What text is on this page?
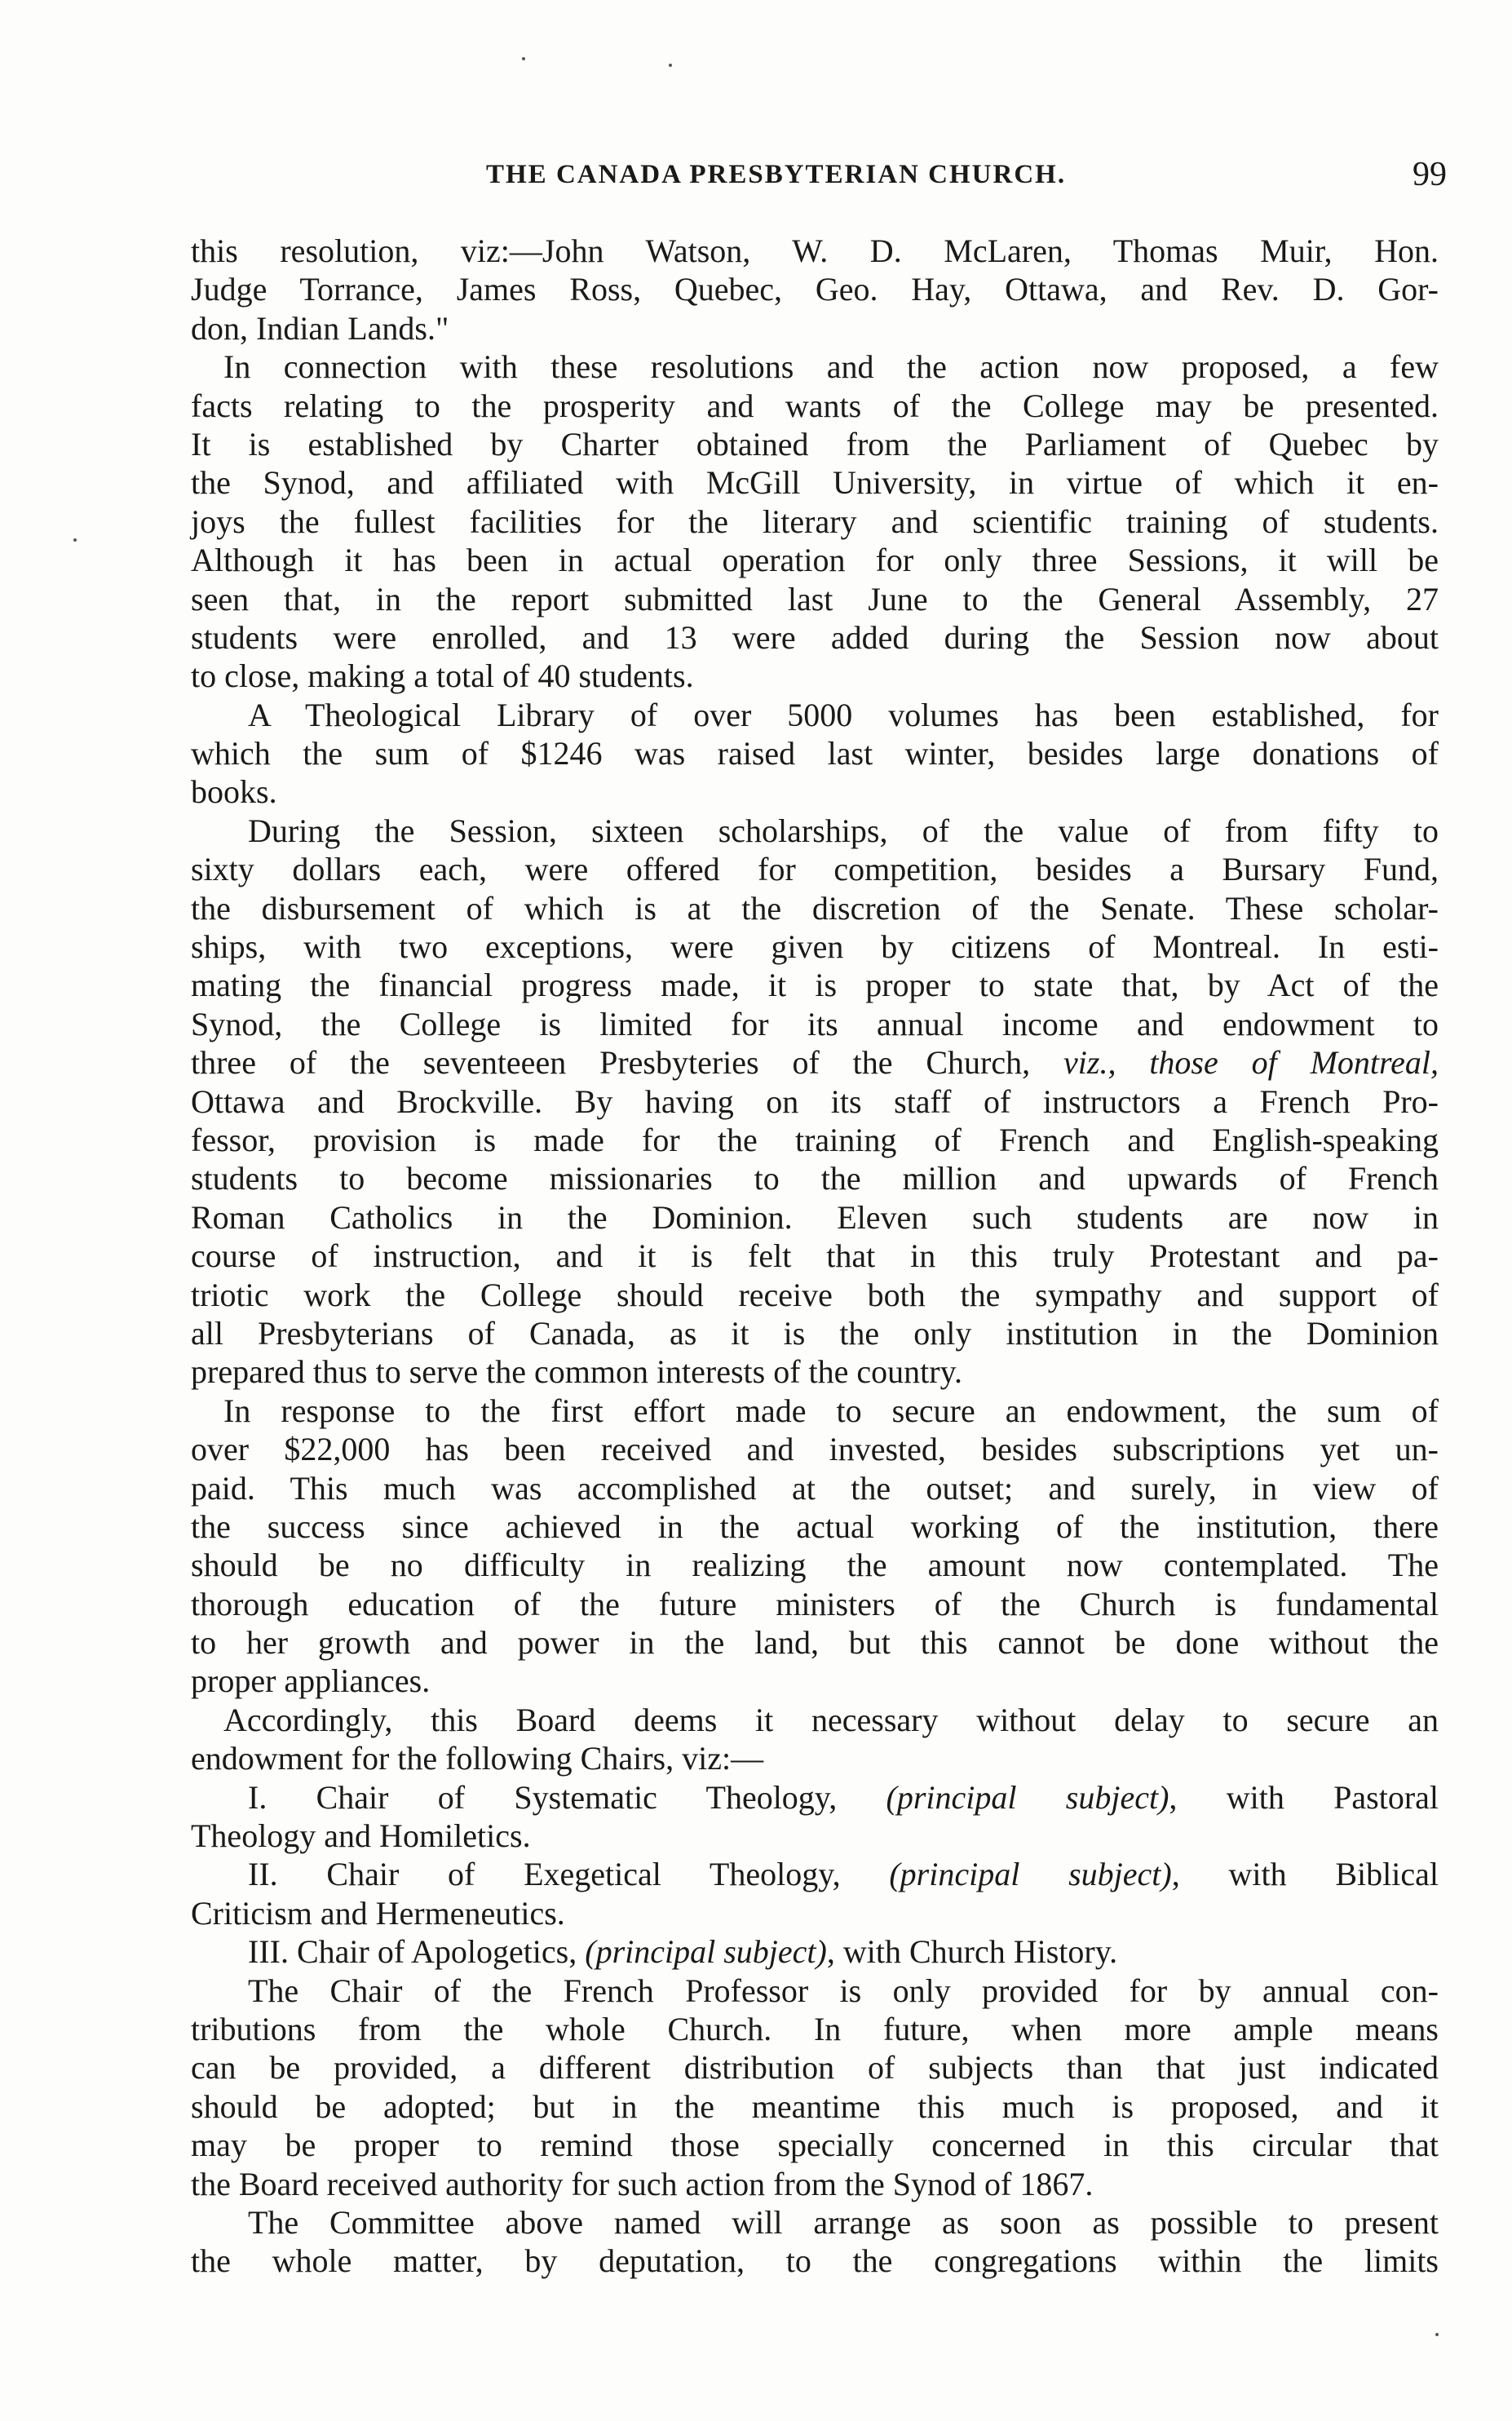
THE CANADA PRESBYTERIAN CHURCH.	99
this resolution, viz:—John Watson, W. D. McLaren, Thomas Muir, Hon.
Judge Torrance, James Ross, Quebec, Geo. Hay, Ottawa, and Rev. D. Gor-
don, Indian Lands."
In connection with these resolutions and the action now proposed, a few
facts relating to the prosperity and wants of the College may be presented.
It is established by Charter obtained from the Parliament of Quebec by
the Synod, and affiliated with McGill University, in virtue of which it en-
joys the fullest facilities for the literary and scientific training of students.
Although it has been in actual operation for only three Sessions, it will be
seen that, in the report submitted last June to the General Assembly, 27
students were enrolled, and 13 were added during the Session now about
to close, making a total of 40 students.
A Theological Library of over 5000 volumes has been established, for
which the sum of $1246 was raised last winter, besides large donations of
books.
During the Session, sixteen scholarships, of the value of from fifty to
sixty dollars each, were offered for competition, besides a Bursary Fund,
the disbursement of which is at the discretion of the Senate. These scholar-
ships, with two exceptions, were given by citizens of Montreal. In esti-
mating the financial progress made, it is proper to state that, by Act of the
Synod, the College is limited for its annual income and endowment to
three of the seventeeen Presbyteries of the Church, viz., those of Montreal,
Ottawa and Brockville. By having on its staff of instructors a French Pro-
fessor, provision is made for the training of French and English-speaking
students to become missionaries to the million and upwards of French
Roman Catholics in the Dominion. Eleven such students are now in
course of instruction, and it is felt that in this truly Protestant and pa-
triotic work the College should receive both the sympathy and support of
all Presbyterians of Canada, as it is the only institution in the Dominion
prepared thus to serve the common interests of the country.
In response to the first effort made to secure an endowment, the sum of
over $22,000 has been received and invested, besides subscriptions yet un-
paid. This much was accomplished at the outset; and surely, in view of
the success since achieved in the actual working of the institution, there
should be no difficulty in realizing the amount now contemplated. The
thorough education of the future ministers of the Church is fundamental
to her growth and power in the land, but this cannot be done without the
proper appliances.
Accordingly, this Board deems it necessary without delay to secure an
endowment for the following Chairs, viz:—
I. Chair of Systematic Theology, (principal subject), with Pastoral
Theology and Homiletics.
II. Chair of Exegetical Theology, (principal subject), with Biblical
Criticism and Hermeneutics.
III. Chair of Apologetics, (principal subject), with Church History.
The Chair of the French Professor is only provided for by annual con-
tributions from the whole Church. In future, when more ample means
can be provided, a different distribution of subjects than that just indicated
should be adopted; but in the meantime this much is proposed, and it
may be proper to remind those specially concerned in this circular that
the Board received authority for such action from the Synod of 1867.
The Committee above named will arrange as soon as possible to present
the whole matter, by deputation, to the congregations within the limits
